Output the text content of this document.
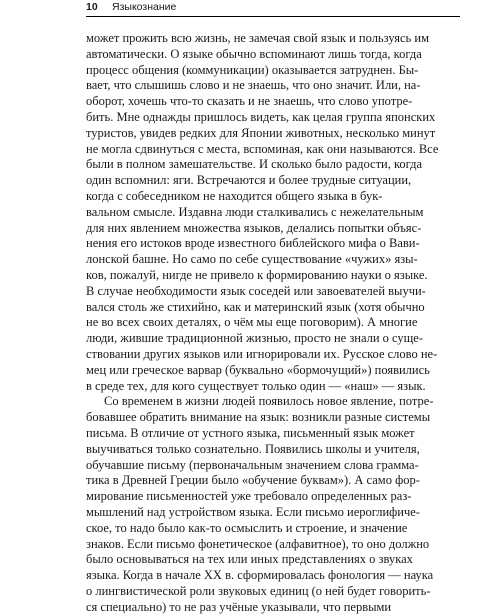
10 Языкознание

может прожить всю жизнь, не замечая свой язык и пользуясь им
автоматически. О языке обычно вспоминают лишь тогда, когда
процесс общения (коммуникации) оказывается затруднен. Бы-
вает, что слышишь слово и не знаешь, что оно значит. Или, на-
оборот, хочешь что-то сказать и не знаешь, что слово употре-
бить. Мне однажды пришлось видеть, как целая группа японских
туристов, увидев редких для Японии животных, несколько минут
не могла сдвинуться с места, вспоминая, как они называются. Все
были в полном замешательстве. И сколько было радости, когда
один вспомнил: яги. Встречаются и более трудные ситуации,
когда с собеседником не находится общего языка в бук-
вальном смысле. Издавна люди сталкивались с нежелательным
для них явлением множества языков, делались попытки объяс-
нения его истоков вроде известного библейского мифа о Вави-
лонской башне. Но само по себе существование «чужих» язы-
ков, пожалуй, нигде не привело к формированию науки о языке.
В случае необходимости язык соседей или завоевателей выучи-
вался столь же стихийно, как и материнский язык (хотя обычно
не во всех своих деталях, о чём мы еще поговорим). А многие
люди, жившие традиционной жизнью, просто не знали о суще-
ствовании других языков или игнорировали их. Русское слово не-
мец или греческое варвар (буквально «бормочущий») появились
в среде тех, для кого существует только один — «наш» — язык.

Со временем в жизни людей появилось новое явление, потре-
бовавшее обратить внимание на язык: возникли разные системы
письма. В отличие от устного языка, письменный язык может
выучиваться только сознательно. Появились школы и учителя,
обучавшие письму (первоначальным значением слова грамма-
тика в Древней Греции было «обучение буквам»). А само фор-
мирование письменностей уже требовало определенных раз-
мышлений над устройством языка. Если письмо иероглифиче-
ское, то надо было как-то осмыслить и строение, и значение
знаков. Если письмо фонетическое (алфавитное), то оно должно
было основываться на тех или иных представлениях о звуках
языка. Когда в начале XX в. сформировалась фонология — наука
о лингвистической роли звуковых единиц (о ней будет говорить-
ся специально) то не раз учёные указывали, что первыми
